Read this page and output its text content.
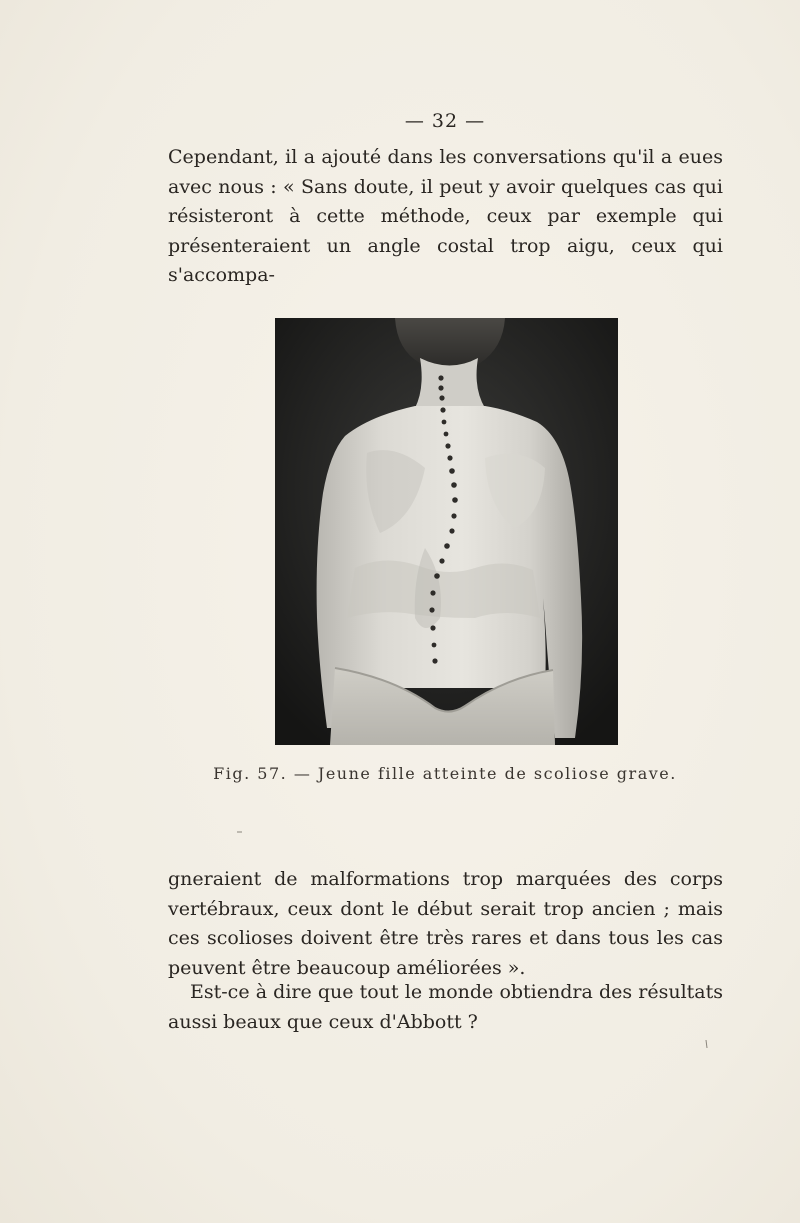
— 32 —

Cependant, il a ajouté dans les conversations qu'il a eues avec nous : « Sans doute, il peut y avoir quelques cas qui résisteront à cette méthode, ceux par exemple qui présenteraient un angle costal trop aigu, ceux qui s'accompa-

Fig. 57. — Jeune fille atteinte de scoliose grave.

gneraient de malformations trop marquées des corps vertébraux, ceux dont le début serait trop ancien ; mais ces scolioses doivent être très rares et dans tous les cas peuvent être beaucoup améliorées ».

Est-ce à dire que tout le monde obtiendra des résultats aussi beaux que ceux d'Abbott ?
